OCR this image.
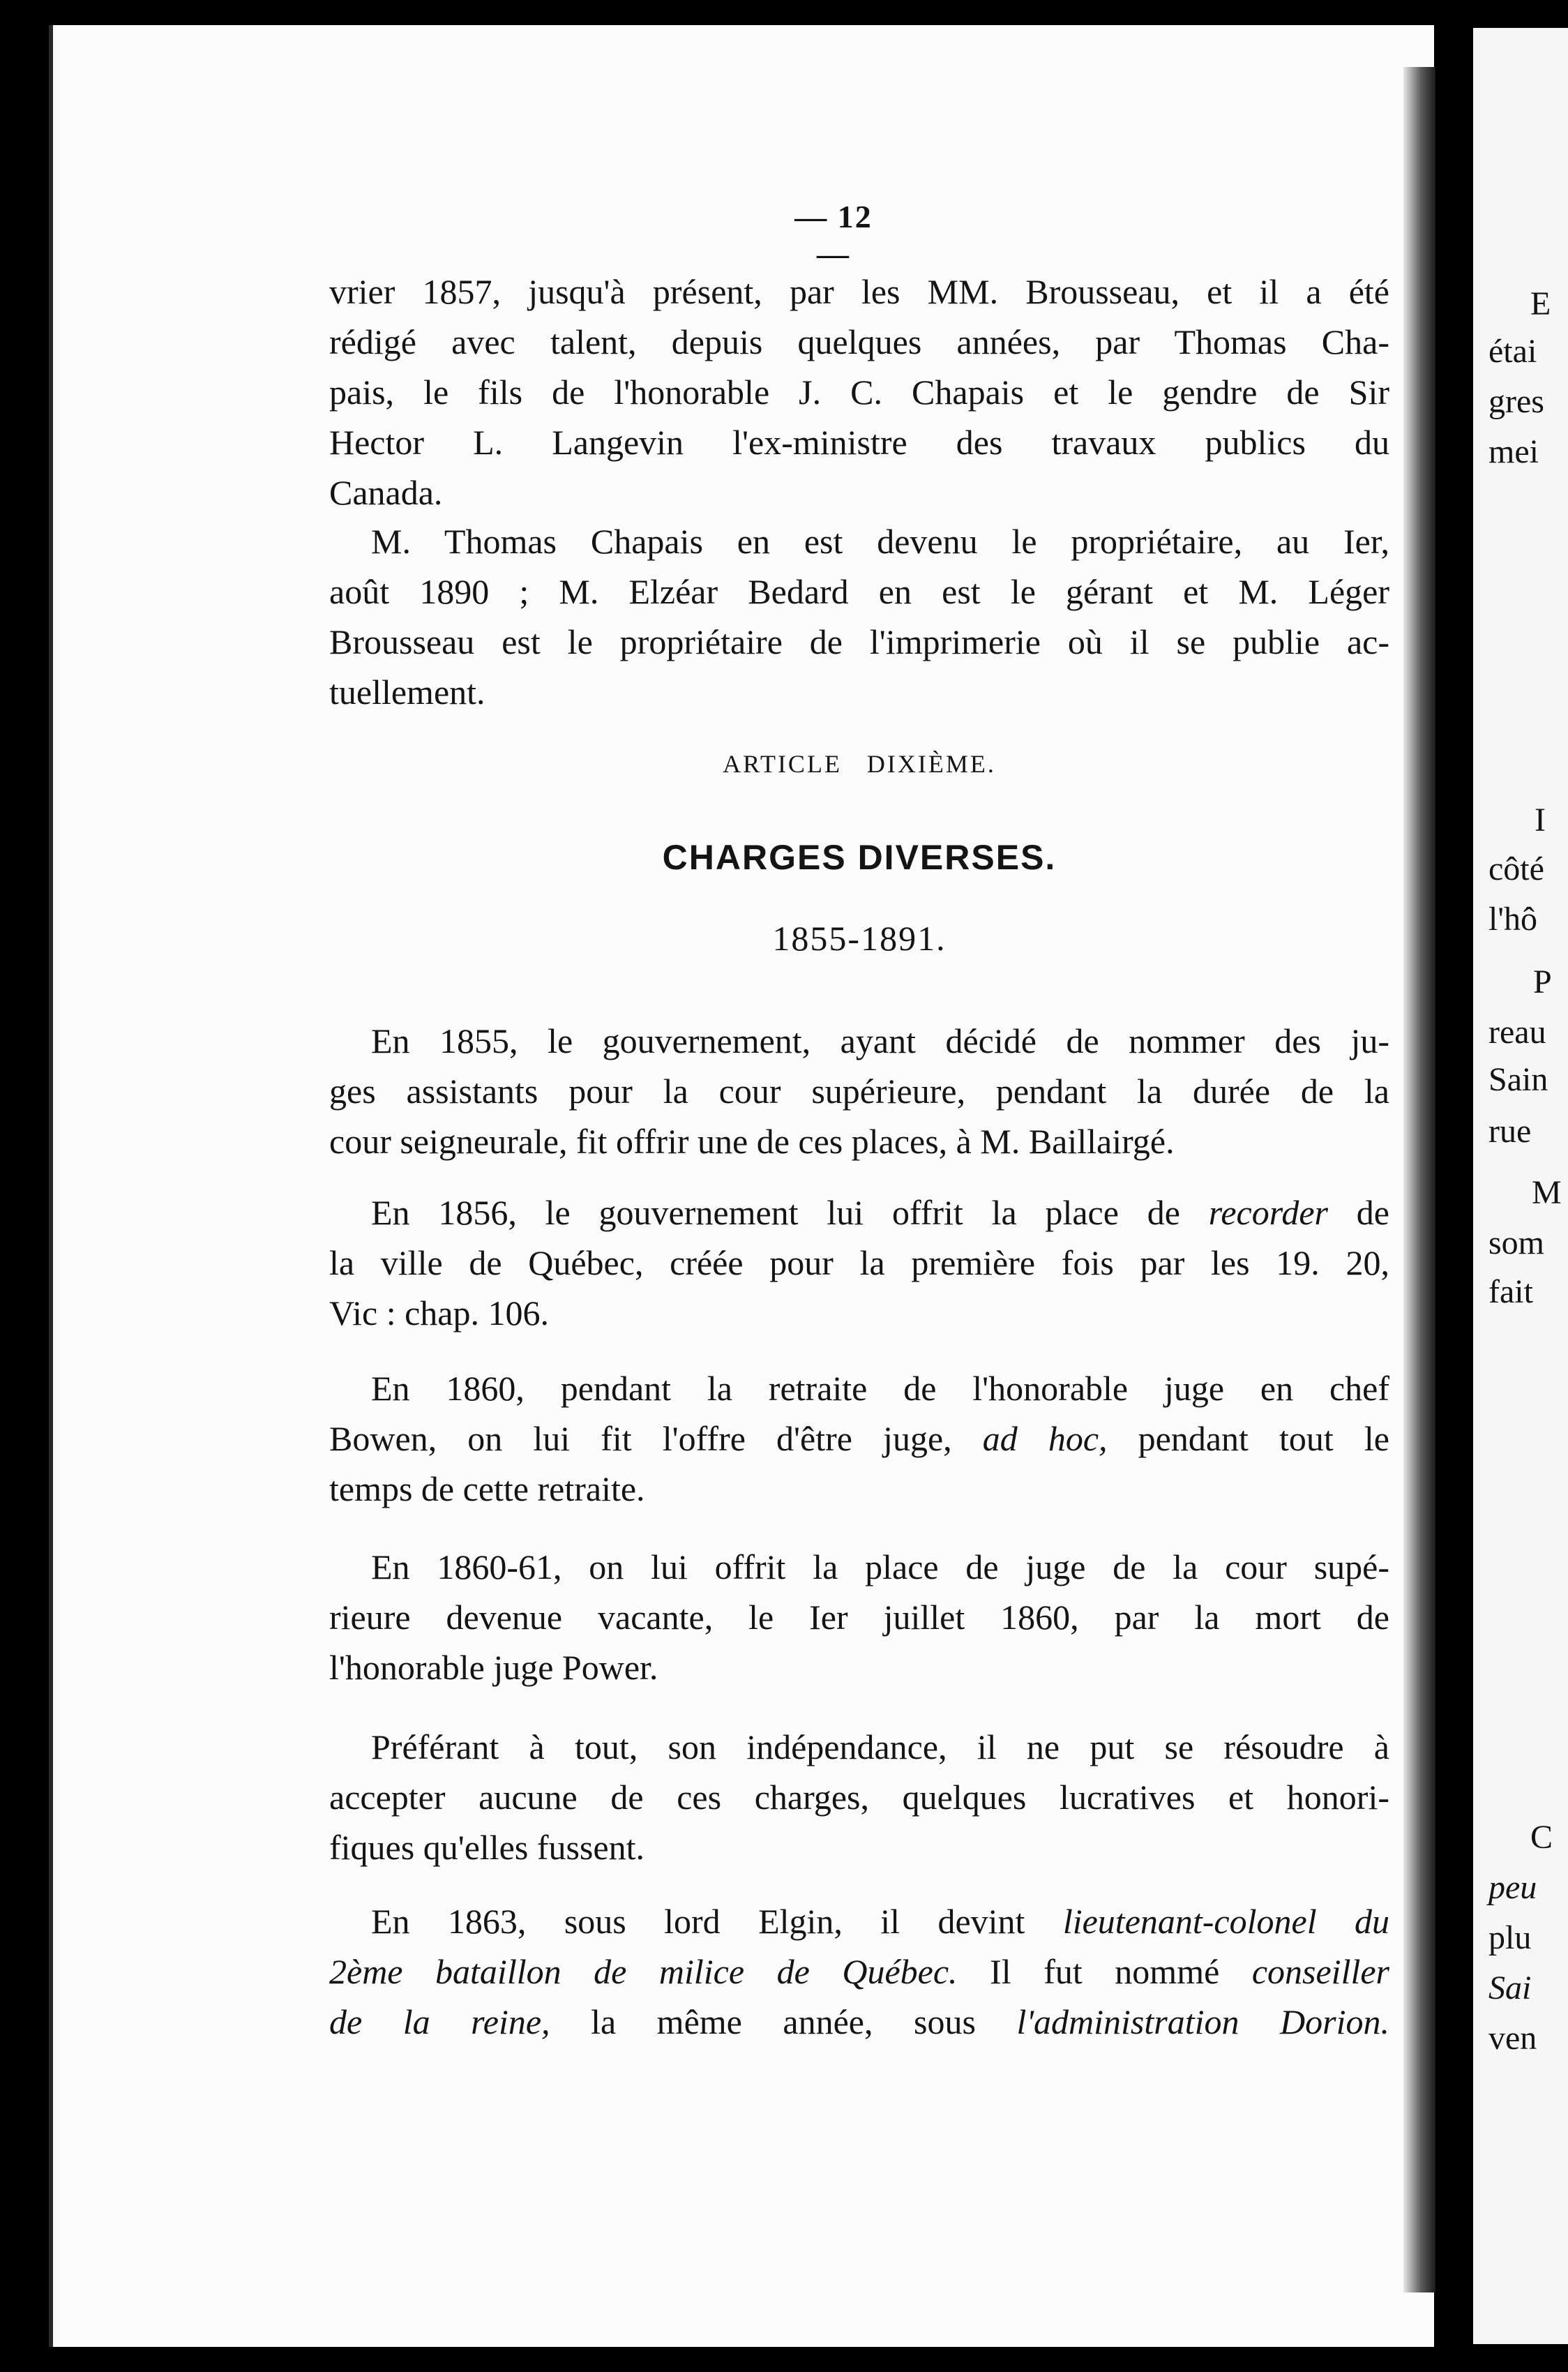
E
étai
gres
mei
I
côté
l'hô
P
reau
Sain
rue
M
som
fait
C
peu
plu
Sai
ven
— 12 —
vrier 1857, jusqu'à présent, par les MM. Brousseau, et il a été
rédigé avec talent, depuis quelques années, par Thomas Cha-
pais, le fils de l'honorable J. C. Chapais et le gendre de Sir
Hector L. Langevin l'ex-ministre des travaux publics du
Canada.
M. Thomas Chapais en est devenu le propriétaire, au Ier,
août 1890 ; M. Elzéar Bedard en est le gérant et M. Léger
Brousseau est le propriétaire de l'imprimerie où il se publie ac-
tuellement.
ARTICLE   DIXIÈME.
CHARGES DIVERSES.
1855-1891.
En 1855, le gouvernement, ayant décidé de nommer des ju-
ges assistants pour la cour supérieure, pendant la durée de la
cour seigneurale, fit offrir une de ces places, à M. Baillairgé.
En 1856, le gouvernement lui offrit la place de recorder de
la ville de Québec, créée pour la première fois par les 19. 20,
Vic : chap. 106.
En 1860, pendant la retraite de l'honorable juge en chef
Bowen, on lui fit l'offre d'être juge, ad hoc, pendant tout le
temps de cette retraite.
En 1860-61, on lui offrit la place de juge de la cour supé-
rieure devenue vacante, le Ier juillet 1860, par la mort de
l'honorable juge Power.
Préférant à tout, son indépendance, il ne put se résoudre à
accepter aucune de ces charges, quelques lucratives et honori-
fiques qu'elles fussent.
En 1863, sous lord Elgin, il devint lieutenant-colonel du
2ème bataillon de milice de Québec. Il fut nommé conseiller
de la reine, la même année, sous l'administration Dorion.
